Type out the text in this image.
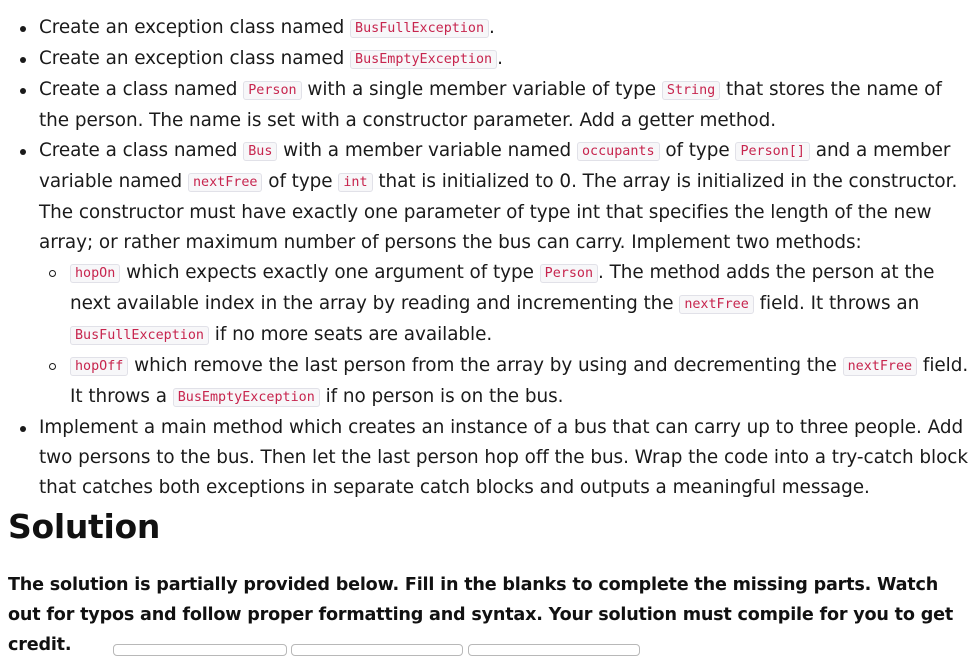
Create an exception class named BusFullException .
Create an exception class named BusEmptyException .
Create a class named Person with a single member variable of type String that stores the name of the person. The name is set with a constructor parameter. Add a getter method.
Create a class named Bus with a member variable named occupants of type Person[] and a member variable named nextFree of type int that is initialized to 0. The array is initialized in the constructor. The constructor must have exactly one parameter of type int that specifies the length of the new array; or rather maximum number of persons the bus can carry. Implement two methods:
hopOn which expects exactly one argument of type Person . The method adds the person at the next available index in the array by reading and incrementing the nextFree field. It throws an BusFullException if no more seats are available.
hopOff which remove the last person from the array by using and decrementing the nextFree field. It throws a BusEmptyException if no person is on the bus.
Implement a main method which creates an instance of a bus that can carry up to three people. Add two persons to the bus. Then let the last person hop off the bus. Wrap the code into a try-catch block that catches both exceptions in separate catch blocks and outputs a meaningful message.
Solution

The solution is partially provided below. Fill in the blanks to complete the missing parts. Watch out for typos and follow proper formatting and syntax. Your solution must compile for you to get credit.
